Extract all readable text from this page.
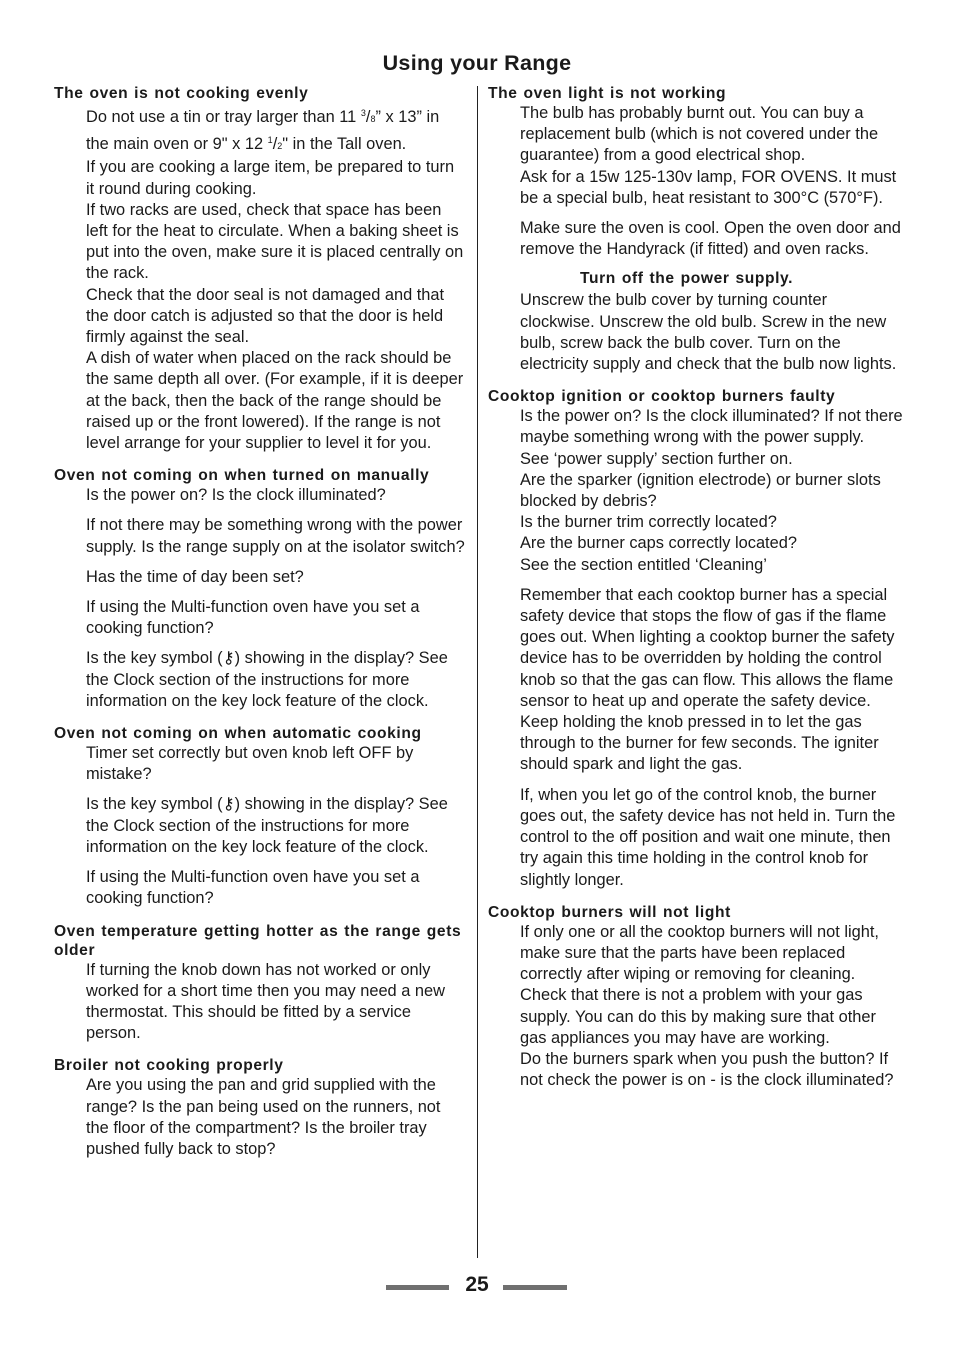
Using your Range

The oven is not cooking evenly

Do not use a tin or tray larger than 11 $^3$/8” x 13” in the main oven or 9" x 12 $^1$/2" in the Tall oven.

If you are cooking a large item, be prepared to turn it round during cooking.

If two racks are used, check that space has been left for the heat to circulate. When a baking sheet is put into the oven, make sure it is placed centrally on the rack.

Check that the door seal is not damaged and that the door catch is adjusted so that the door is held firmly against the seal.

A dish of water when placed on the rack should be the same depth all over. (For example, if it is deeper at the back, then the back of the range should be raised up or the front lowered). If the range is not level arrange for your supplier to level it for you.

Oven not coming on when turned on manually

Is the power on? Is the clock illuminated?

If not there may be something wrong with the power supply. Is the range supply on at the isolator switch?

Has the time of day been set?

If using the Multi-function oven have you set a cooking function?

Is the key symbol (⚷) showing in the display? See the Clock section of the instructions for more information on the key lock feature of the clock.

Oven not coming on when automatic cooking

Timer set correctly but oven knob left OFF by mistake?

Is the key symbol (⚷) showing in the display? See the Clock section of the instructions for more information on the key lock feature of the clock.

If using the Multi-function oven have you set a cooking function?

Oven temperature getting hotter as the range gets older

If turning the knob down has not worked or only worked for a short time then you may need a new thermostat. This should be fitted by a service person.

Broiler not cooking properly

Are you using the pan and grid supplied with the range? Is the pan being used on the runners, not the floor of the compartment? Is the broiler tray pushed fully back to stop?

The oven light is not working

The bulb has probably burnt out. You can buy a replacement bulb (which is not covered under the guarantee) from a good electrical shop.

Ask for a 15w 125-130v lamp, FOR OVENS. It must be a special bulb, heat resistant to 300°C (570°F).

Make sure the oven is cool. Open the oven door and remove the Handyrack (if fitted) and oven racks.

Turn off the power supply.

Unscrew the bulb cover by turning counter clockwise. Unscrew the old bulb. Screw in the new bulb, screw back the bulb cover. Turn on the electricity supply and check that the bulb now lights.

Cooktop ignition or cooktop burners faulty

Is the power on? Is the clock illuminated? If not there maybe something wrong with the power supply.

See ‘power supply’ section further on.

Are the sparker (ignition electrode) or burner slots blocked by debris?

Is the burner trim correctly located?

Are the burner caps correctly located?

See the section entitled ‘Cleaning’

Remember that each cooktop burner has a special safety device that stops the flow of gas if the flame goes out. When lighting a cooktop burner the safety device has to be overridden by holding the control knob so that the gas can flow. This allows the flame sensor to heat up and operate the safety device. Keep holding the knob pressed in to let the gas through to the burner for few seconds. The igniter should spark and light the gas.

If, when you let go of the control knob, the burner goes out, the safety device has not held in. Turn the control to the off position and wait one minute, then try again this time holding in the control knob for slightly longer.

Cooktop burners will not light

If only one or all the cooktop burners will not light, make sure that the parts have been replaced correctly after wiping or removing for cleaning.

Check that there is not a problem with your gas supply. You can do this by making sure that other gas appliances you may have are working.

Do the burners spark when you push the button? If not check the power is on - is the clock illuminated?

25
